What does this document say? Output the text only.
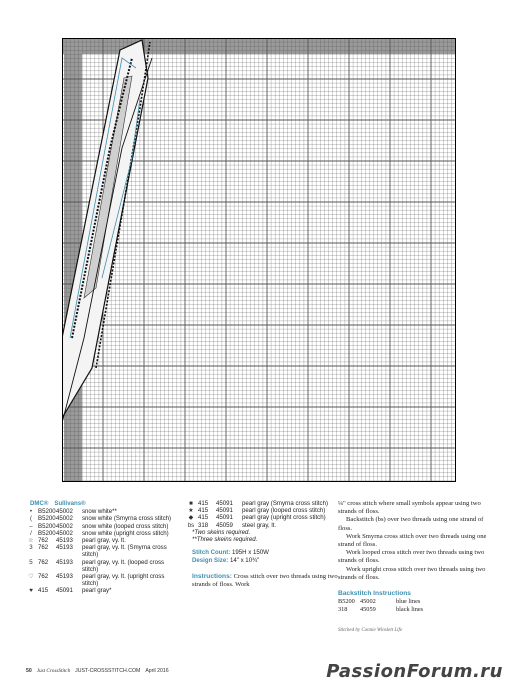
DMC® Sullivans®
• B5200 45002	snow white**
( B5200 45002	snow white (Smyrna cross stitch)
– B5200 45002	snow white (looped cross stitch)
/	B5200 45002	snow white (upright cross stitch)
☆ 762	45193	pearl gray, vy. lt.
3 762	45193	pearl gray, vy. lt. (Smyrna cross stitch)
5 762	45193	pearl gray, vy. lt. (looped cross stitch)
♡ 762	45193	pearl gray, vy. lt. (upright cross stitch)
♥ 415	45091	pearl gray*
■ 415	45091	pearl gray (Smyrna cross stitch)
★ 415	45091	pearl gray (looped cross stitch)
◆ 415	45091	pearl gray (upright cross stitch)
bs 318	45059	steel gray, lt.
*Two skeins required.
**Three skeins required.
Stitch Count: 195H x 150W
Design Size: 14" x 10¾"
Instructions: Cross stitch over two threads using two strands of floss. Work

¼" cross stitch where small symbols appear using two strands of floss.

Backstitch (bs) over two threads using one strand of floss.

Work Smyrna cross stitch over two threads using one strand of floss.

Work looped cross stitch over two threads using two strands of floss.

Work upright cross stitch over two threads using two strands of floss.

Backstitch Instructions
B5200 45002	blue lines
318	45059	black lines
Stitched by Connie Winslett Life
50 Just CrossStitch JUST-CROSSSTITCH.COM April 2016	PassionForum.ru
